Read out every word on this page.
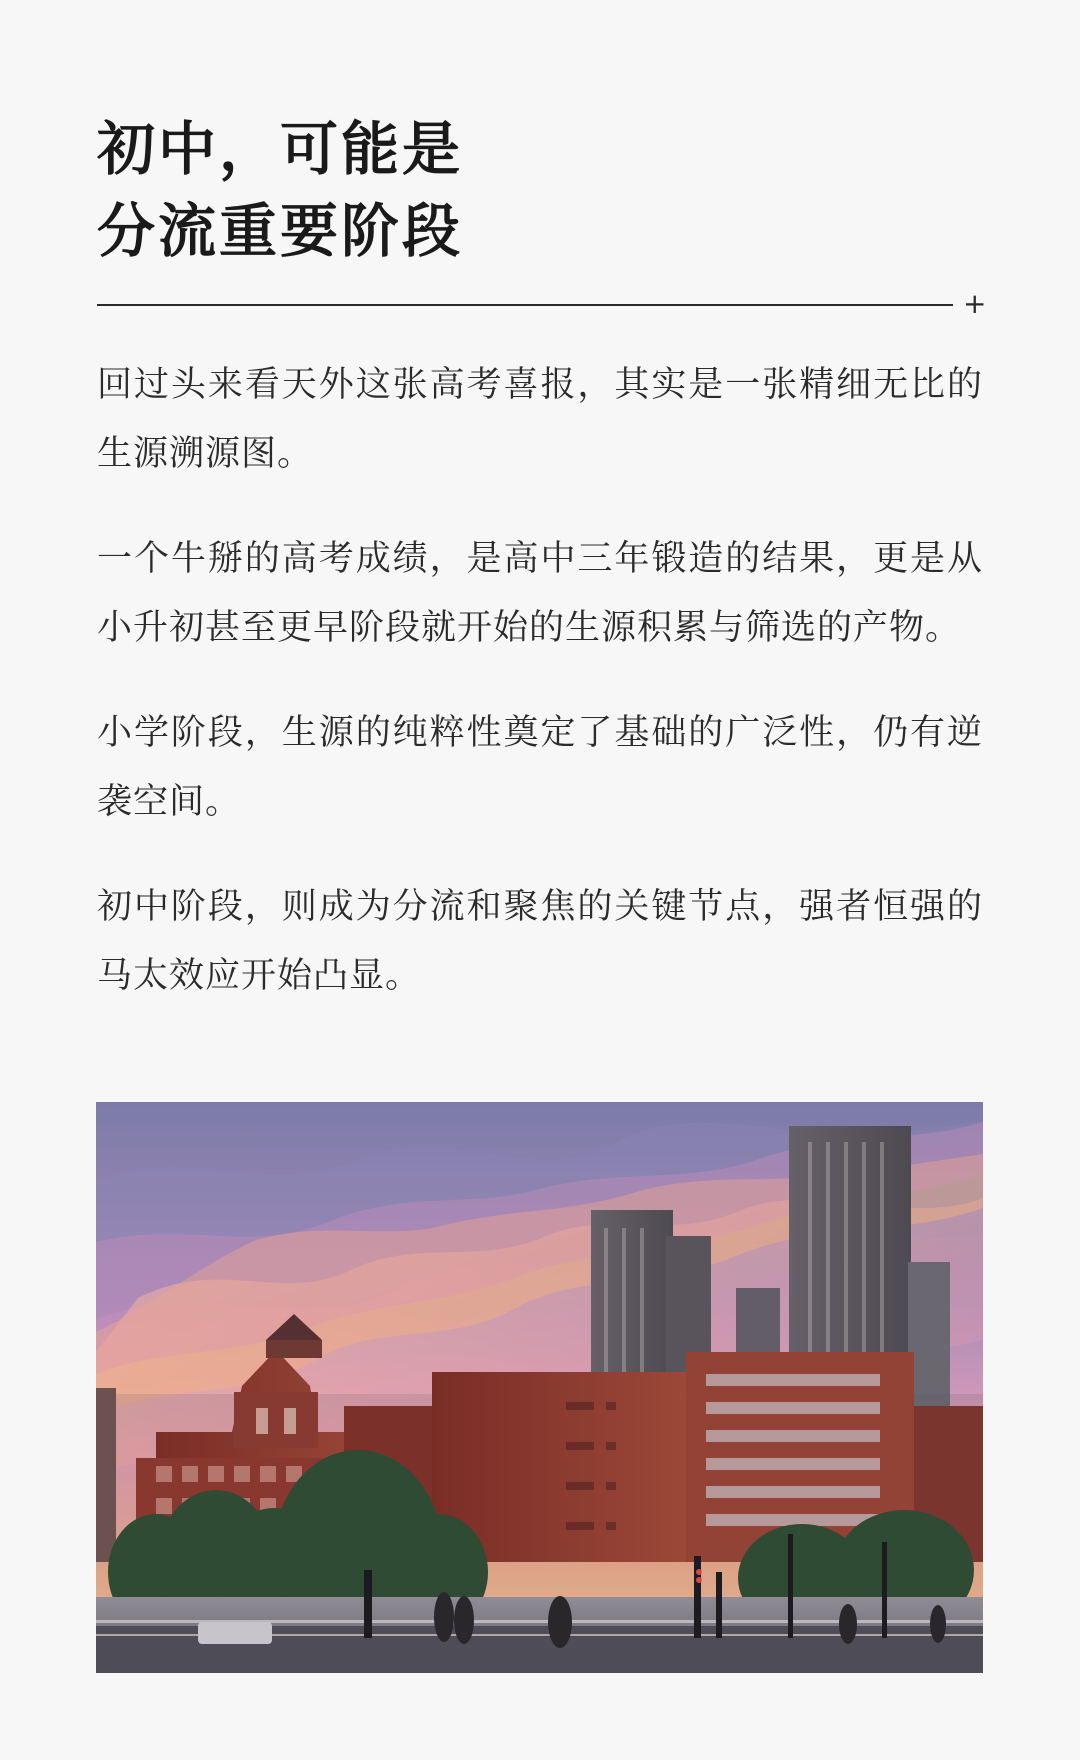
初中，可能是
分流重要阶段
+

回过头来看天外这张高考喜报，其实是一张精细无比的生源溯源图。

一个牛掰的高考成绩，是高中三年锻造的结果，更是从小升初甚至更早阶段就开始的生源积累与筛选的产物。

小学阶段，生源的纯粹性奠定了基础的广泛性，仍有逆袭空间。

初中阶段，则成为分流和聚焦的关键节点，强者恒强的马太效应开始凸显。
